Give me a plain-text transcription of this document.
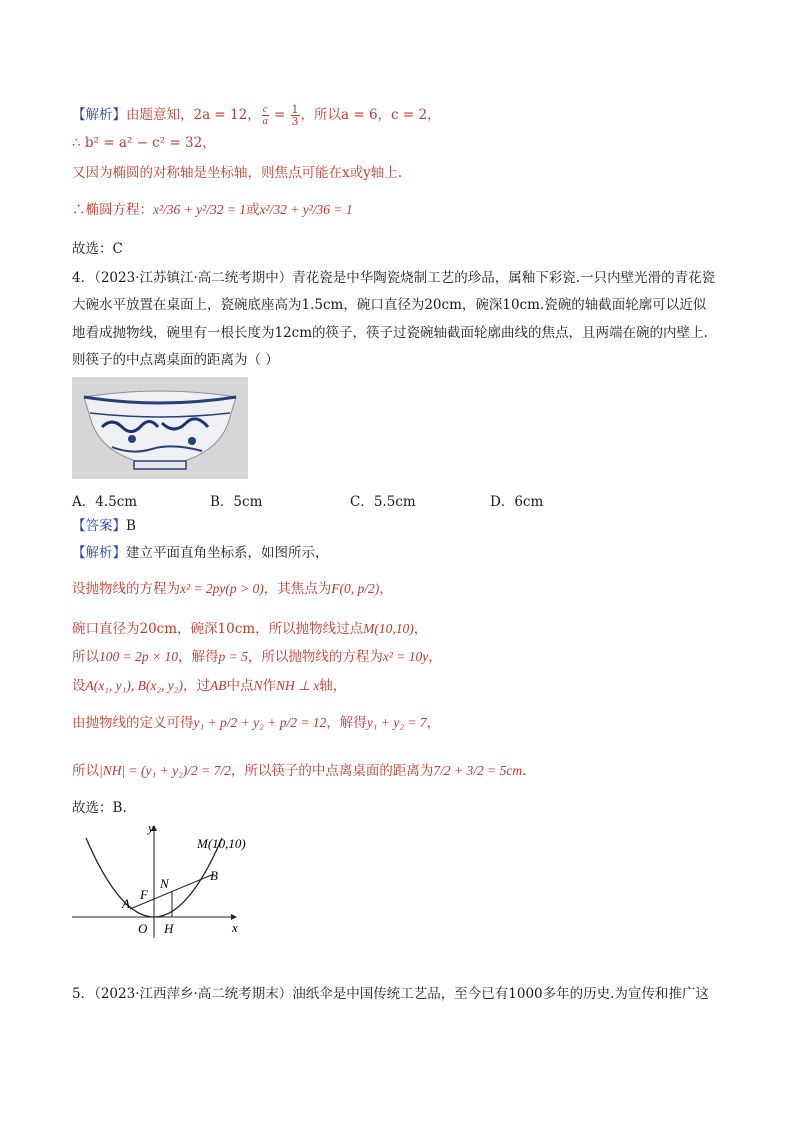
【解析】由题意知，2a = 12， $\frac{c}{a} = \frac{1}{3}$ ，所以a = 6，c = 2，
∴ b² = a² − c² = 32，
又因为椭圆的对称轴是坐标轴，则焦点可能在x或y轴上.
∴椭圆方程：x²/36 + y²/32 = 1或x²/32 + y²/36 = 1
故选：C
4．（2023·江苏镇江·高二统考期中）青花瓷是中华陶瓷烧制工艺的珍品，属釉下彩瓷.一只内壁光滑的青花瓷
大碗水平放置在桌面上，瓷碗底座高为1.5cm，碗口直径为20cm，碗深10cm.瓷碗的轴截面轮廓可以近似
地看成抛物线，碗里有一根长度为12cm的筷子，筷子过瓷碗轴截面轮廓曲线的焦点，且两端在碗的内壁上.
则筷子的中点离桌面的距离为（ ）
A．4.5cm	B．5cm	C．5.5cm	D．6cm
【答案】B
【解析】建立平面直角坐标系，如图所示，
设抛物线的方程为x² = 2py(p > 0)，其焦点为F(0, p/2)，
碗口直径为20cm，碗深10cm，所以抛物线过点M(10,10)，
所以100 = 2p × 10，解得p = 5，所以抛物线的方程为x² = 10y，
设A(x₁, y₁), B(x₂, y₂)，过AB中点N作NH ⊥ x轴，
由抛物线的定义可得y₁ + p/2 + y₂ + p/2 = 12，解得y₁ + y₂ = 7，
所以|NH| = (y₁ + y₂)/2 = 7/2，所以筷子的中点离桌面的距离为7/2 + 3/2 = 5cm.
故选：B.
y
x
O
M(10,10)
A
B
F
N
H
5．（2023·江西萍乡·高二统考期末）油纸伞是中国传统工艺品，至今已有1000多年的历史.为宣传和推广这
